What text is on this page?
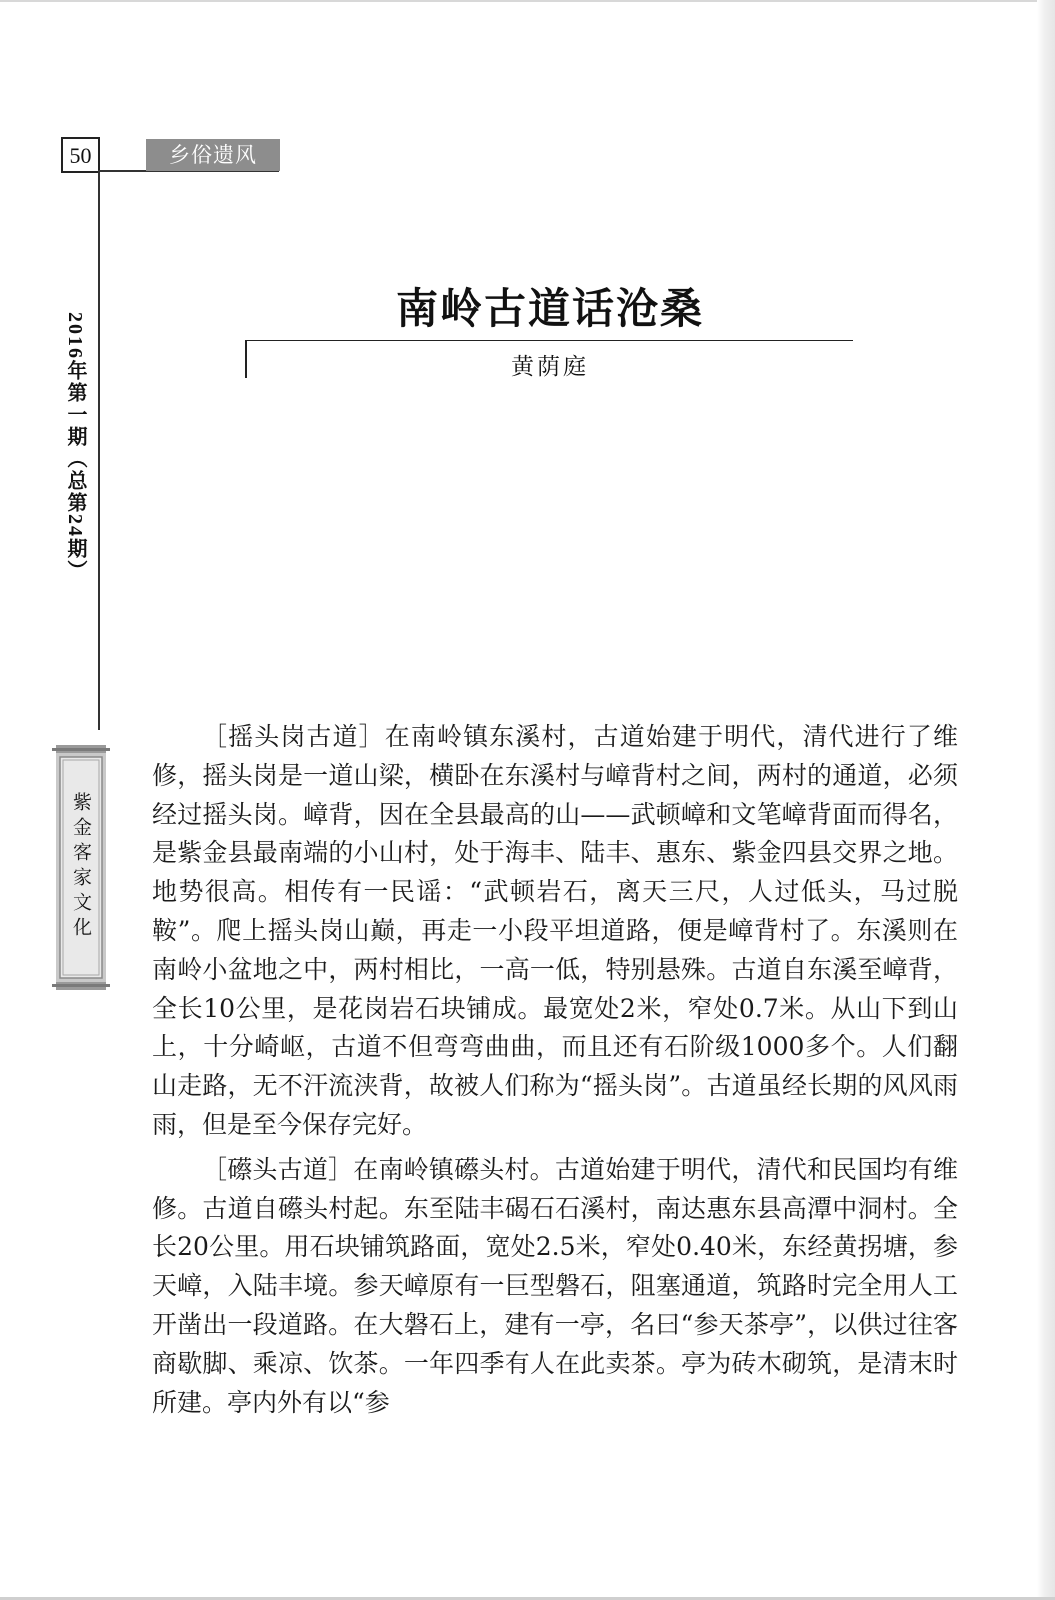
50	乡俗遗风
2016年第一期（总第24期）
紫金客家文化
南岭古道话沧桑
黄荫庭

［摇头岗古道］在南岭镇东溪村，古道始建于明代，清代进行了维修，摇头岗是一道山梁，横卧在东溪村与嶂背村之间，两村的通道，必须经过摇头岗。嶂背，因在全县最高的山——武顿嶂和文笔嶂背面而得名，是紫金县最南端的小山村，处于海丰、陆丰、惠东、紫金四县交界之地。地势很高。相传有一民谣：“武顿岩石，离天三尺，人过低头，马过脱鞍”。爬上摇头岗山巅，再走一小段平坦道路，便是嶂背村了。东溪则在南岭小盆地之中，两村相比，一高一低，特别悬殊。古道自东溪至嶂背，全长10公里，是花岗岩石块铺成。最宽处2米，窄处0.7米。从山下到山上，十分崎岖，古道不但弯弯曲曲，而且还有石阶级1000多个。人们翻山走路，无不汗流浃背，故被人们称为“摇头岗”。古道虽经长期的风风雨雨，但是至今保存完好。

［礤头古道］在南岭镇礤头村。古道始建于明代，清代和民国均有维修。古道自礤头村起。东至陆丰碣石石溪村，南达惠东县高潭中洞村。全长20公里。用石块铺筑路面，宽处2.5米，窄处0.40米，东经黄拐塘，参天嶂，入陆丰境。参天嶂原有一巨型磐石，阻塞通道，筑路时完全用人工开凿出一段道路。在大磐石上，建有一亭，名曰“参天茶亭”，以供过往客商歇脚、乘凉、饮茶。一年四季有人在此卖茶。亭为砖木砌筑，是清末时所建。亭内外有以“参
